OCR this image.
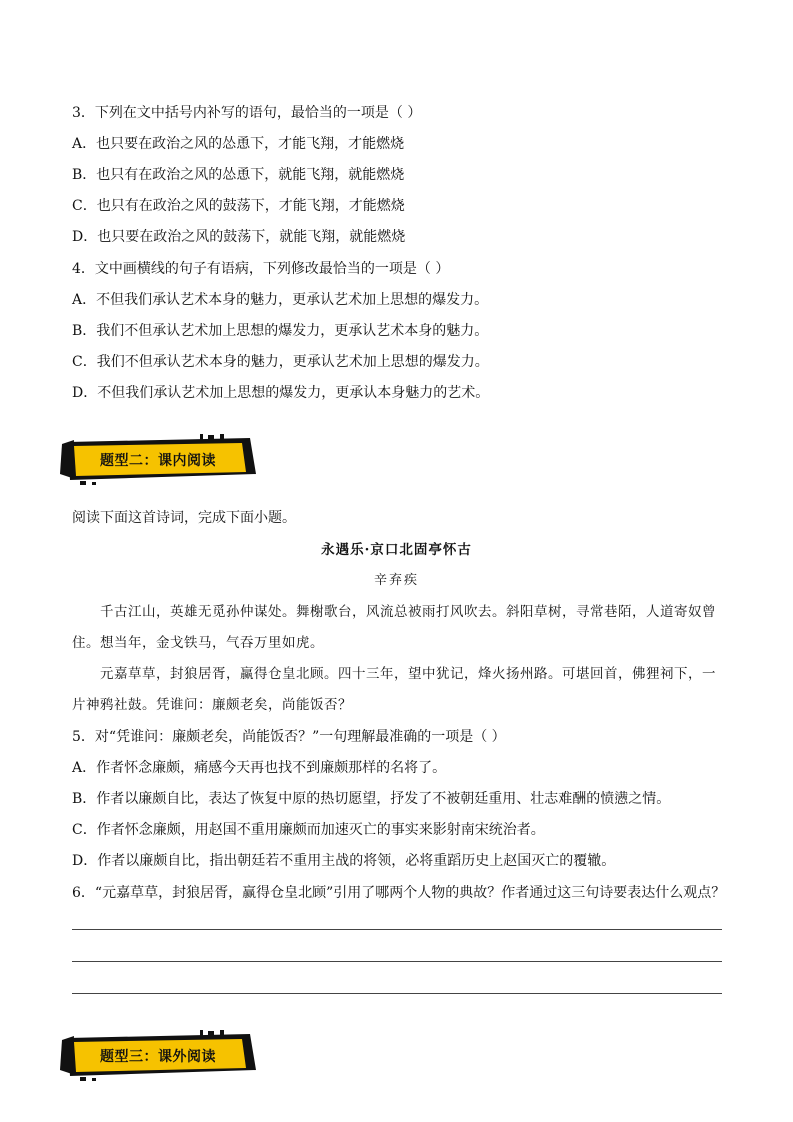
3．下列在文中括号内补写的语句，最恰当的一项是（ ）

A．也只要在政治之风的怂恿下，才能飞翔，才能燃烧

B．也只有在政治之风的怂恿下，就能飞翔，就能燃烧

C．也只有在政治之风的鼓荡下，才能飞翔，才能燃烧

D．也只要在政治之风的鼓荡下，就能飞翔，就能燃烧

4．文中画横线的句子有语病，下列修改最恰当的一项是（ ）

A．不但我们承认艺术本身的魅力，更承认艺术加上思想的爆发力。

B．我们不但承认艺术加上思想的爆发力，更承认艺术本身的魅力。

C．我们不但承认艺术本身的魅力，更承认艺术加上思想的爆发力。

D．不但我们承认艺术加上思想的爆发力，更承认本身魅力的艺术。

题型二：课内阅读

阅读下面这首诗词，完成下面小题。

永遇乐·京口北固亭怀古

辛弃疾

千古江山，英雄无觅孙仲谋处。舞榭歌台，风流总被雨打风吹去。斜阳草树，寻常巷陌，人道寄奴曾

住。想当年，金戈铁马，气吞万里如虎。

元嘉草草，封狼居胥，赢得仓皇北顾。四十三年，望中犹记，烽火扬州路。可堪回首，佛狸祠下，一

片神鸦社鼓。凭谁问：廉颇老矣，尚能饭否？

5．对“凭谁问：廉颇老矣，尚能饭否？”一句理解最准确的一项是（ ）

A．作者怀念廉颇，痛感今天再也找不到廉颇那样的名将了。

B．作者以廉颇自比，表达了恢复中原的热切愿望，抒发了不被朝廷重用、壮志难酬的愤懑之情。

C．作者怀念廉颇，用赵国不重用廉颇而加速灭亡的事实来影射南宋统治者。

D．作者以廉颇自比，指出朝廷若不重用主战的将领，必将重蹈历史上赵国灭亡的覆辙。

6．“元嘉草草，封狼居胥，赢得仓皇北顾”引用了哪两个人物的典故？作者通过这三句诗要表达什么观点？

题型三：课外阅读
